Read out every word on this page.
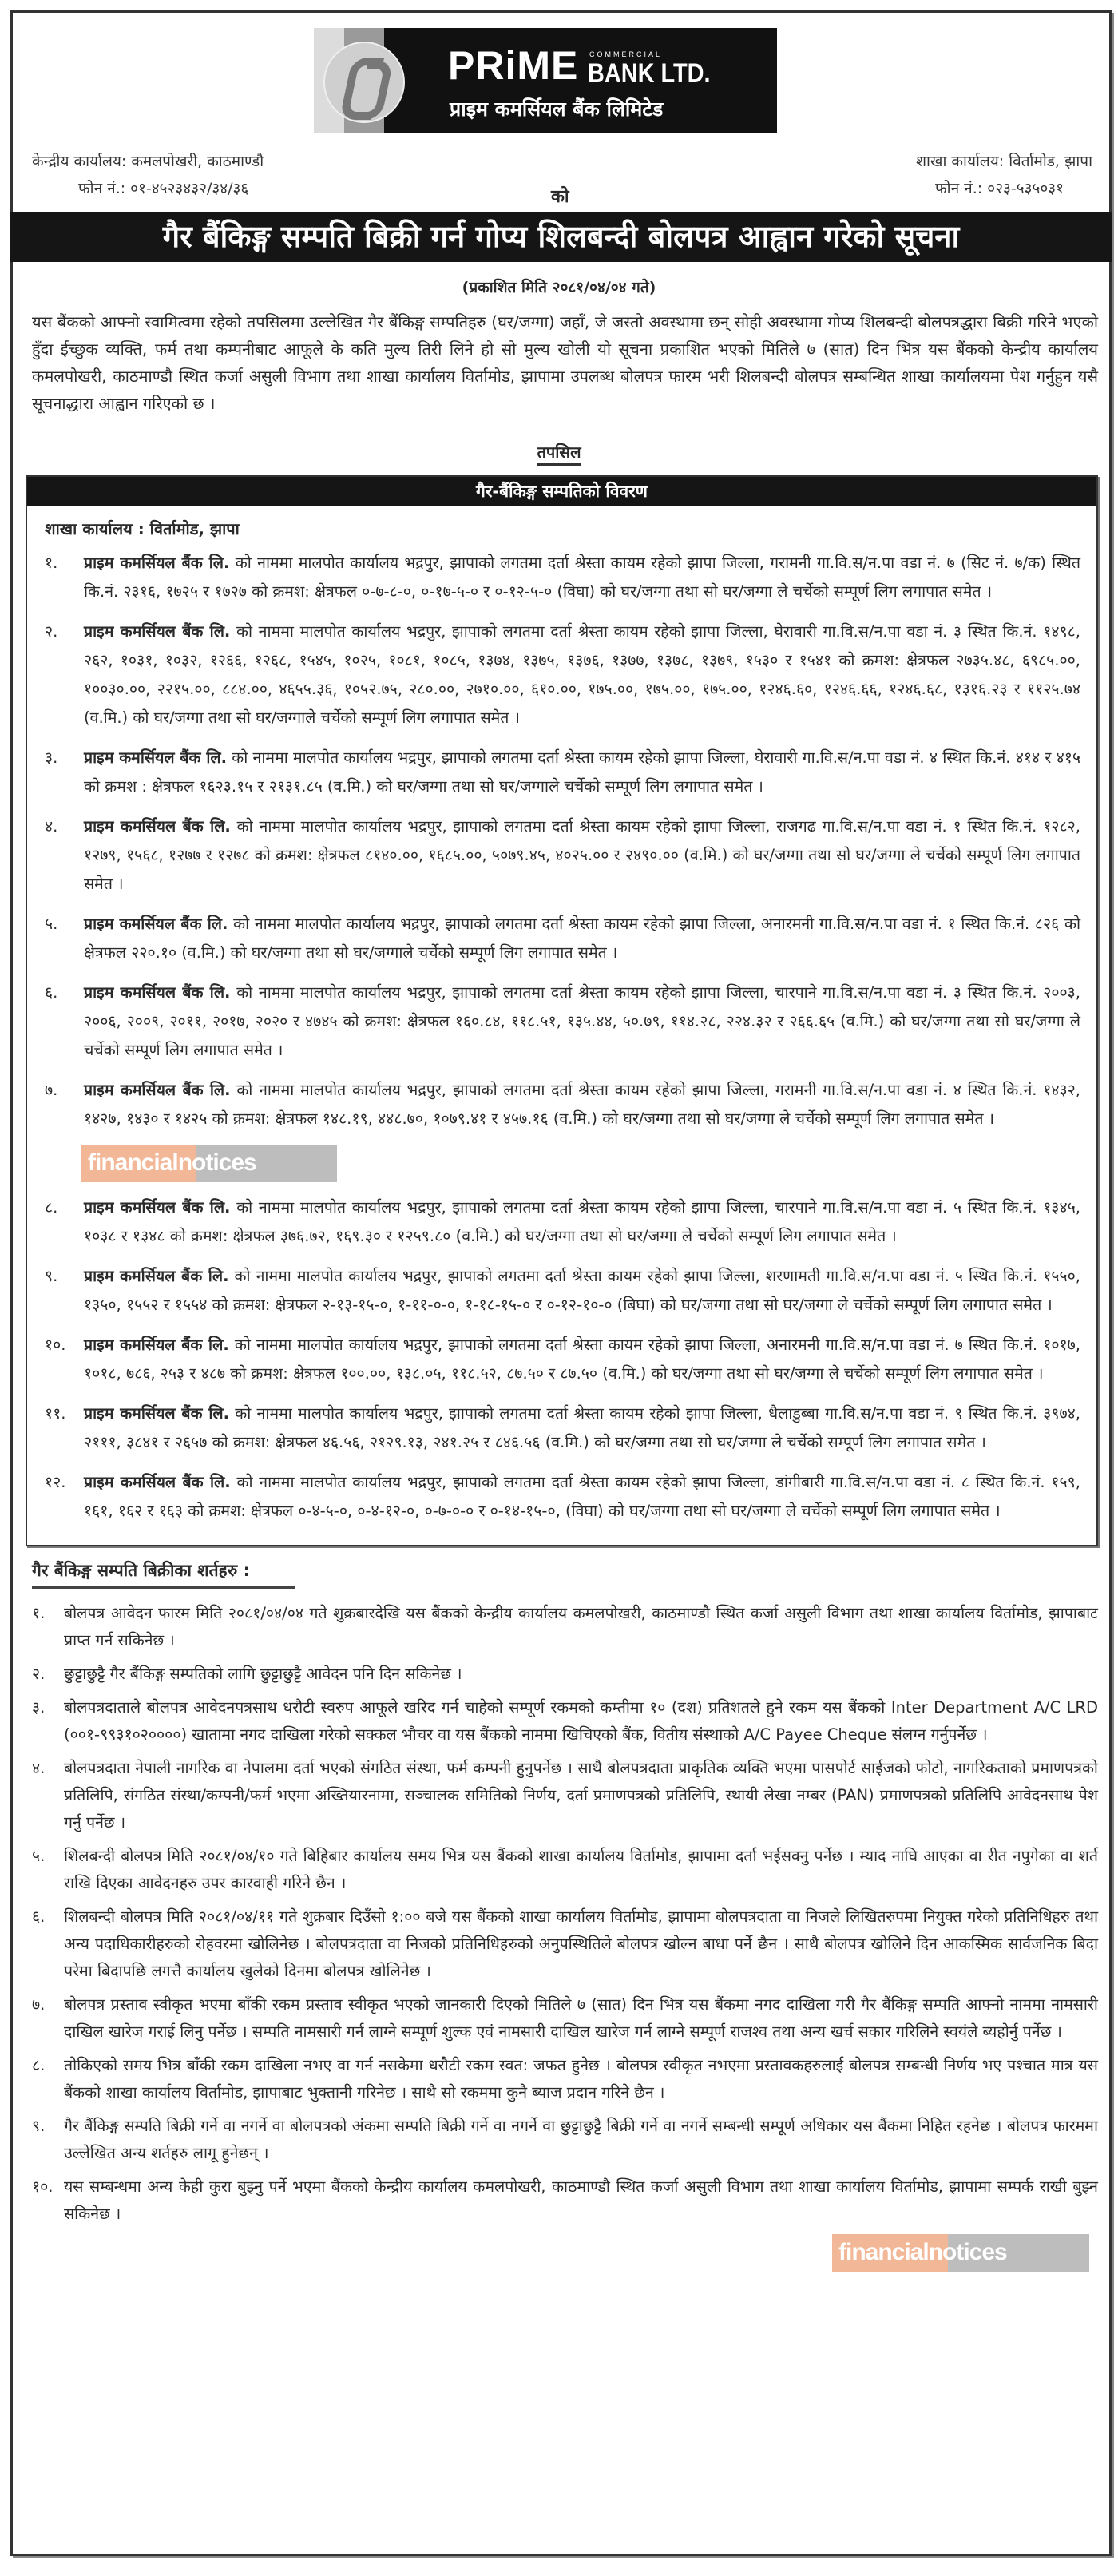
PRiME COMMERCIAL
BANK LTD.
प्राइम कमर्सियल बैंक लिमिटेड
केन्द्रीय कार्यालय: कमलपोखरी, काठमाण्डौ
फोन नं.: ०१-४५२३४३२/३४/३६
शाखा कार्यालय: विर्तामोड, झापा
फोन नं.: ०२३-५३५०३१
को
गैर बैंकिङ्ग सम्पति बिक्री गर्न गोप्य शिलबन्दी बोलपत्र आह्वान गरेको सूचना
(प्रकाशित मिति २०८१/०४/०४ गते)
यस बैंकको आफ्नो स्वामित्वमा रहेको तपसिलमा उल्लेखित गैर बैंकिङ्ग सम्पतिहरु (घर/जग्गा) जहाँ, जे जस्तो अवस्थामा छन् सोही अवस्थामा गोप्य शिलबन्दी बोलपत्रद्धारा बिक्री गरिने भएको हुँदा ईच्छुक व्यक्ति, फर्म तथा कम्पनीबाट आफूले के कति मुल्य तिरी लिने हो सो मुल्य खोली यो सूचना प्रकाशित भएको मितिले ७ (सात) दिन भित्र यस बैंकको केन्द्रीय कार्यालय कमलपोखरी, काठमाण्डौ स्थित कर्जा असुली विभाग तथा शाखा कार्यालय विर्तामोड, झापामा उपलब्ध बोलपत्र फारम भरी शिलबन्दी बोलपत्र सम्बन्धित शाखा कार्यालयमा पेश गर्नुहुन यसै सूचनाद्धारा आह्वान गरिएको छ ।
तपसिल
गैर-बैंकिङ्ग सम्पतिको विवरण
शाखा कार्यालय : विर्तामोड, झापा
१. प्राइम कमर्सियल बैंक लि. को नाममा मालपोत कार्यालय भद्रपुर, झापाको लगतमा दर्ता श्रेस्ता कायम रहेको झापा जिल्ला, गरामनी गा.वि.स/न.पा वडा नं. ७ (सिट नं. ७/क) स्थित कि.नं. २३१६, १७२५ र १७२७ को क्रमश: क्षेत्रफल ०-७-८-०, ०-१७-५-० र ०-१२-५-० (विघा) को घर/जग्गा तथा सो घर/जग्गा ले चर्चेको सम्पूर्ण लिग लगापात समेत ।
२. प्राइम कमर्सियल बैंक लि. को नाममा मालपोत कार्यालय भद्रपुर, झापाको लगतमा दर्ता श्रेस्ता कायम रहेको झापा जिल्ला, घेरावारी गा.वि.स/न.पा वडा नं. ३ स्थित कि.नं. १४९८, २६२, १०३१, १०३२, १२६६, १२६८, १५४५, १०२५, १०८१, १०८५, १३७४, १३७५, १३७६, १३७७, १३७८, १३७९, १५३० र १५४१ को क्रमश: क्षेत्रफल २७३५.४८, ६९८५.००, १००३०.००, २२१५.००, ८८४.००, ४६५५.३६, १०५२.७५, २८०.००, २७१०.००, ६१०.००, १७५.००, १७५.००, १७५.००, १२४६.६०, १२४६.६६, १२४६.६८, १३१६.२३ र ११२५.७४ (व.मि.) को घर/जग्गा तथा सो घर/जग्गाले चर्चेको सम्पूर्ण लिग लगापात समेत ।
३. प्राइम कमर्सियल बैंक लि. को नाममा मालपोत कार्यालय भद्रपुर, झापाको लगतमा दर्ता श्रेस्ता कायम रहेको झापा जिल्ला, घेरावारी गा.वि.स/न.पा वडा नं. ४ स्थित कि.नं. ४१४ र ४१५ को क्रमश : क्षेत्रफल १६२३.१५ र २१३१.८५ (व.मि.) को घर/जग्गा तथा सो घर/जग्गाले चर्चेको सम्पूर्ण लिग लगापात समेत ।
४. प्राइम कमर्सियल बैंक लि. को नाममा मालपोत कार्यालय भद्रपुर, झापाको लगतमा दर्ता श्रेस्ता कायम रहेको झापा जिल्ला, राजगढ गा.वि.स/न.पा वडा नं. १ स्थित कि.नं. १२८२, १२७९, १५६८, १२७७ र १२७८ को क्रमश: क्षेत्रफल ८१४०.००, १६८५.००, ५०७९.४५, ४०२५.०० र २४९०.०० (व.मि.) को घर/जग्गा तथा सो घर/जग्गा ले चर्चेको सम्पूर्ण लिग लगापात समेत ।
५. प्राइम कमर्सियल बैंक लि. को नाममा मालपोत कार्यालय भद्रपुर, झापाको लगतमा दर्ता श्रेस्ता कायम रहेको झापा जिल्ला, अनारमनी गा.वि.स/न.पा वडा नं. १ स्थित कि.नं. ८२६ को क्षेत्रफल २२०.१० (व.मि.) को घर/जग्गा तथा सो घर/जग्गाले चर्चेको सम्पूर्ण लिग लगापात समेत ।
६. प्राइम कमर्सियल बैंक लि. को नाममा मालपोत कार्यालय भद्रपुर, झापाको लगतमा दर्ता श्रेस्ता कायम रहेको झापा जिल्ला, चारपाने गा.वि.स/न.पा वडा नं. ३ स्थित कि.नं. २००३, २००६, २००९, २०११, २०१७, २०२० र ४७४५ को क्रमश: क्षेत्रफल १६०.८४, ११८.५१, १३५.४४, ५०.७९, ११४.२८, २२४.३२ र २६६.६५ (व.मि.) को घर/जग्गा तथा सो घर/जग्गा ले चर्चेको सम्पूर्ण लिग लगापात समेत ।
७. प्राइम कमर्सियल बैंक लि. को नाममा मालपोत कार्यालय भद्रपुर, झापाको लगतमा दर्ता श्रेस्ता कायम रहेको झापा जिल्ला, गरामनी गा.वि.स/न.पा वडा नं. ४ स्थित कि.नं. १४३२, १४२७, १४३० र १४२५ को क्रमश: क्षेत्रफल १४८.१९, ४४८.७०, १०७९.४१ र ४५७.१६ (व.मि.) को घर/जग्गा तथा सो घर/जग्गा ले चर्चेको सम्पूर्ण लिग लगापात समेत ।
financialnotices
८. प्राइम कमर्सियल बैंक लि. को नाममा मालपोत कार्यालय भद्रपुर, झापाको लगतमा दर्ता श्रेस्ता कायम रहेको झापा जिल्ला, चारपाने गा.वि.स/न.पा वडा नं. ५ स्थित कि.नं. १३४५, १०३८ र १३४८ को क्रमश: क्षेत्रफल ३७६.७२, १६९.३० र १२५९.८० (व.मि.) को घर/जग्गा तथा सो घर/जग्गा ले चर्चेको सम्पूर्ण लिग लगापात समेत ।
९. प्राइम कमर्सियल बैंक लि. को नाममा मालपोत कार्यालय भद्रपुर, झापाको लगतमा दर्ता श्रेस्ता कायम रहेको झापा जिल्ला, शरणामती गा.वि.स/न.पा वडा नं. ५ स्थित कि.नं. १५५०, १३५०, १५५२ र १५५४ को क्रमश: क्षेत्रफल २-१३-१५-०, १-११-०-०, १-१८-१५-० र ०-१२-१०-० (बिघा) को घर/जग्गा तथा सो घर/जग्गा ले चर्चेको सम्पूर्ण लिग लगापात समेत ।
१०. प्राइम कमर्सियल बैंक लि. को नाममा मालपोत कार्यालय भद्रपुर, झापाको लगतमा दर्ता श्रेस्ता कायम रहेको झापा जिल्ला, अनारमनी गा.वि.स/न.पा वडा नं. ७ स्थित कि.नं. १०१७, १०१८, ७८६, २५३ र ४८७ को क्रमश: क्षेत्रफल १००.००, १३८.०५, ११८.५२, ८७.५० र ८७.५० (व.मि.) को घर/जग्गा तथा सो घर/जग्गा ले चर्चेको सम्पूर्ण लिग लगापात समेत ।
११. प्राइम कमर्सियल बैंक लि. को नाममा मालपोत कार्यालय भद्रपुर, झापाको लगतमा दर्ता श्रेस्ता कायम रहेको झापा जिल्ला, धैलाडुब्बा गा.वि.स/न.पा वडा नं. ९ स्थित कि.नं. ३९७४, २१११, ३८४१ र २६५७ को क्रमश: क्षेत्रफल ४६.५६, २१२९.१३, २४१.२५ र ८४६.५६ (व.मि.) को घर/जग्गा तथा सो घर/जग्गा ले चर्चेको सम्पूर्ण लिग लगापात समेत ।
१२. प्राइम कमर्सियल बैंक लि. को नाममा मालपोत कार्यालय भद्रपुर, झापाको लगतमा दर्ता श्रेस्ता कायम रहेको झापा जिल्ला, डांगीबारी गा.वि.स/न.पा वडा नं. ८ स्थित कि.नं. १५९, १६१, १६२ र १६३ को क्रमश: क्षेत्रफल ०-४-५-०, ०-४-१२-०, ०-७-०-० र ०-१४-१५-०, (विघा) को घर/जग्गा तथा सो घर/जग्गा ले चर्चेको सम्पूर्ण लिग लगापात समेत ।
गैर बैंकिङ्ग सम्पति बिक्रीका शर्तहरु :
१. बोलपत्र आवेदन फारम मिति २०८१/०४/०४ गते शुक्रबारदेखि यस बैंकको केन्द्रीय कार्यालय कमलपोखरी, काठमाण्डौ स्थित कर्जा असुली विभाग तथा शाखा कार्यालय विर्तामोड, झापाबाट प्राप्त गर्न सकिनेछ ।
२. छुट्टाछुट्टै गैर बैंकिङ्ग सम्पतिको लागि छुट्टाछुट्टै आवेदन पनि दिन सकिनेछ ।
३. बोलपत्रदाताले बोलपत्र आवेदनपत्रसाथ धरौटी स्वरुप आफूले खरिद गर्न चाहेको सम्पूर्ण रकमको कम्तीमा १० (दश) प्रतिशतले हुने रकम यस बैंकको Inter Department A/C LRD (००१-९९३१०२००००) खातामा नगद दाखिला गरेको सक्कल भौचर वा यस बैंकको नाममा खिचिएको बैंक, वितीय संस्थाको A/C Payee Cheque संलग्न गर्नुपर्नेछ ।
४. बोलपत्रदाता नेपाली नागरिक वा नेपालमा दर्ता भएको संगठित संस्था, फर्म कम्पनी हुनुपर्नेछ । साथै बोलपत्रदाता प्राकृतिक व्यक्ति भएमा पासपोर्ट साईजको फोटो, नागरिकताको प्रमाणपत्रको प्रतिलिपि, संगठित संस्था/कम्पनी/फर्म भएमा अख्तियारनामा, सञ्चालक समितिको निर्णय, दर्ता प्रमाणपत्रको प्रतिलिपि, स्थायी लेखा नम्बर (PAN) प्रमाणपत्रको प्रतिलिपि आवेदनसाथ पेश गर्नु पर्नेछ ।
५. शिलबन्दी बोलपत्र मिति २०८१/०४/१० गते बिहिबार कार्यालय समय भित्र यस बैंकको शाखा कार्यालय विर्तामोड, झापामा दर्ता भईसक्नु पर्नेछ । म्याद नाघि आएका वा रीत नपुगेका वा शर्त राखि दिएका आवेदनहरु उपर कारवाही गरिने छैन ।
६. शिलबन्दी बोलपत्र मिति २०८१/०४/११ गते शुक्रबार दिउँसो १:०० बजे यस बैंकको शाखा कार्यालय विर्तामोड, झापामा बोलपत्रदाता वा निजले लिखितरुपमा नियुक्त गरेको प्रतिनिधिहरु तथा अन्य पदाधिकारीहरुको रोहवरमा खोलिनेछ । बोलपत्रदाता वा निजको प्रतिनिधिहरुको अनुपस्थितिले बोलपत्र खोल्न बाधा पर्ने छैन । साथै बोलपत्र खोलिने दिन आकस्मिक सार्वजनिक बिदा परेमा बिदापछि लगत्तै कार्यालय खुलेको दिनमा बोलपत्र खोलिनेछ ।
७. बोलपत्र प्रस्ताव स्वीकृत भएमा बाँकी रकम प्रस्ताव स्वीकृत भएको जानकारी दिएको मितिले ७ (सात) दिन भित्र यस बैंकमा नगद दाखिला गरी गैर बैंकिङ्ग सम्पति आफ्नो नाममा नामसारी दाखिल खारेज गराई लिनु पर्नेछ । सम्पति नामसारी गर्न लाग्ने सम्पूर्ण शुल्क एवं नामसारी दाखिल खारेज गर्न लाग्ने सम्पूर्ण राजश्व तथा अन्य खर्च सकार गरिलिने स्वयंले ब्यहोर्नु पर्नेछ ।
८. तोकिएको समय भित्र बाँकी रकम दाखिला नभए वा गर्न नसकेमा धरौटी रकम स्वत: जफत हुनेछ । बोलपत्र स्वीकृत नभएमा प्रस्तावकहरुलाई बोलपत्र सम्बन्धी निर्णय भए पश्चात मात्र यस बैंकको शाखा कार्यालय विर्तामोड, झापाबाट भुक्तानी गरिनेछ । साथै सो रकममा कुनै ब्याज प्रदान गरिने छैन ।
९. गैर बैंकिङ्ग सम्पति बिक्री गर्ने वा नगर्ने वा बोलपत्रको अंकमा सम्पति बिक्री गर्ने वा नगर्ने वा छुट्टाछुट्टै बिक्री गर्ने वा नगर्ने सम्बन्धी सम्पूर्ण अधिकार यस बैंकमा निहित रहनेछ । बोलपत्र फारममा उल्लेखित अन्य शर्तहरु लागू हुनेछन् ।
१०. यस सम्बन्धमा अन्य केही कुरा बुझ्नु पर्ने भएमा बैंकको केन्द्रीय कार्यालय कमलपोखरी, काठमाण्डौ स्थित कर्जा असुली विभाग तथा शाखा कार्यालय विर्तामोड, झापामा सम्पर्क राखी बुझ्न सकिनेछ ।
financialnotices
